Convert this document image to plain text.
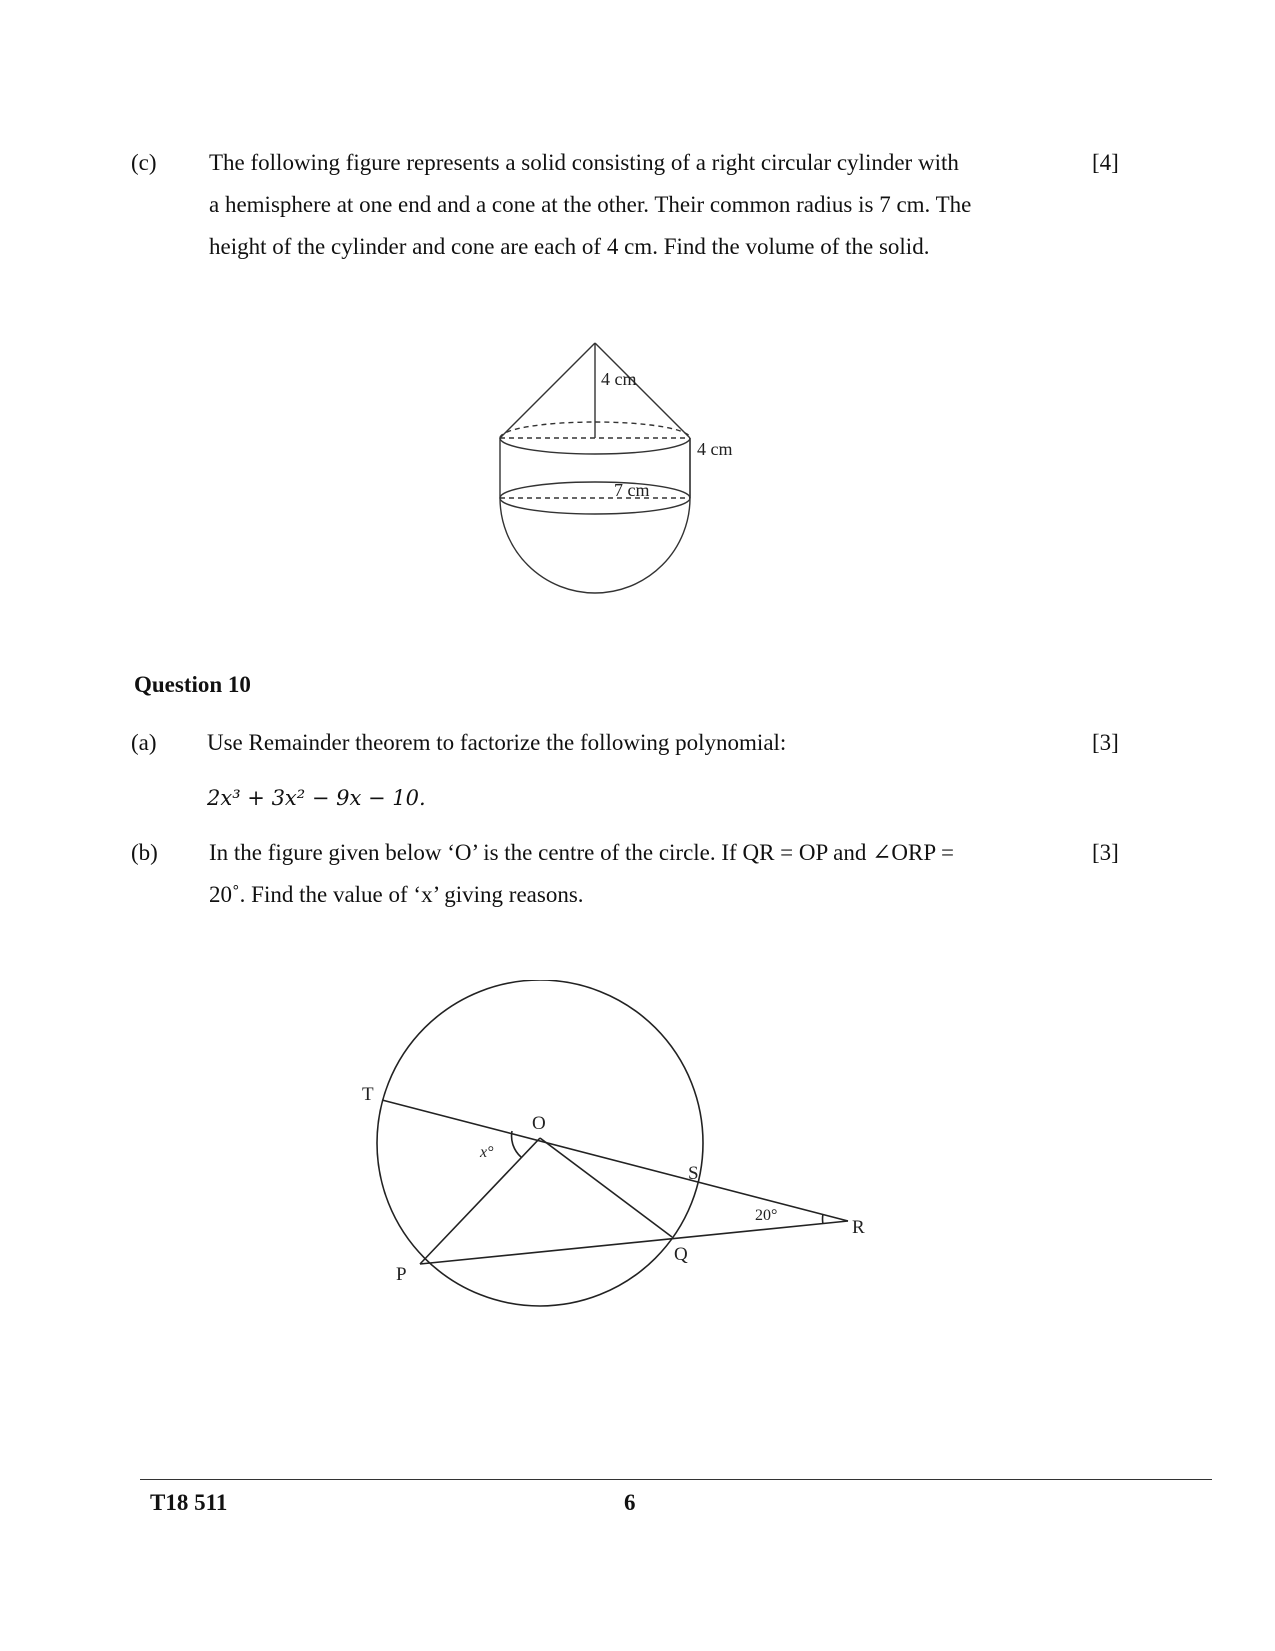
(c) The following figure represents a solid consisting of a right circular cylinder with
a hemisphere at one end and a cone at the other. Their common radius is 7 cm. The
height of the cylinder and cone are each of 4 cm. Find the volume of the solid.
[4]
4 cm
4 cm
7 cm
Question 10
(a) Use Remainder theorem to factorize the following polynomial:	[3]
2x³ + 3x² − 9x − 10.
(b) In the figure given below ‘O’ is the centre of the circle. If QR = OP and ∠ORP =
20˚. Find the value of ‘x’ giving reasons.
[3]
T
O
S
R
P
Q
x°
20°
T18 511	6
